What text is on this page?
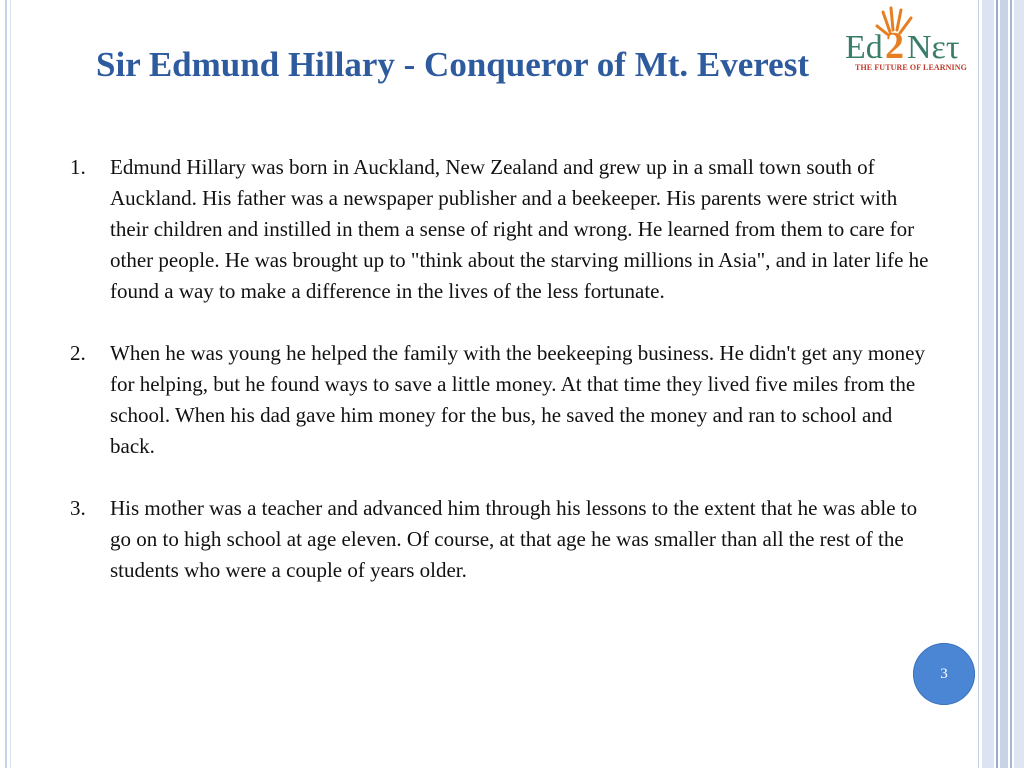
Sir Edmund Hillary - Conqueror of Mt. Everest Ed 2 Nετ
THE FUTURE OF LEARNING
1. Edmund Hillary was born in Auckland, New Zealand and grew up in a small town south of Auckland. His father was a newspaper publisher and a beekeeper. His parents were strict with their children and instilled in them a sense of right and wrong. He learned from them to care for other people. He was brought up to "think about the starving millions in Asia", and in later life he found a way to make a difference in the lives of the less fortunate.
2. When he was young he helped the family with the beekeeping business. He didn't get any money for helping, but he found ways to save a little money. At that time they lived five miles from the school. When his dad gave him money for the bus, he saved the money and ran to school and back.
3. His mother was a teacher and advanced him through his lessons to the extent that he was able to go on to high school at age eleven. Of course, at that age he was smaller than all the rest of the students who were a couple of years older.
3
